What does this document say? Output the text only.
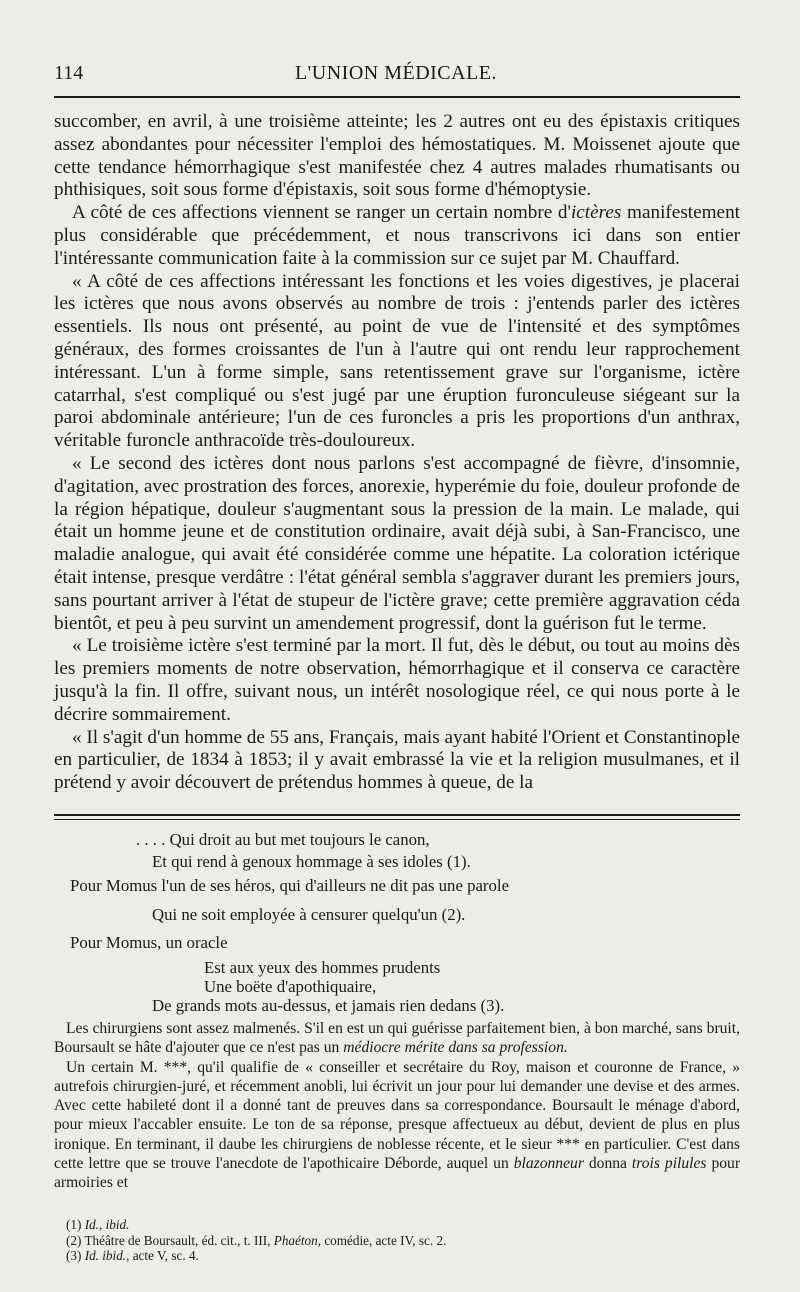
114	L'UNION MÉDICALE.

succomber, en avril, à une troisième atteinte; les 2 autres ont eu des épistaxis critiques assez abondantes pour nécessiter l'emploi des hémostatiques. M. Moissenet ajoute que cette tendance hémorrhagique s'est manifestée chez 4 autres malades rhumatisants ou phthisiques, soit sous forme d'épistaxis, soit sous forme d'hémoptysie.

A côté de ces affections viennent se ranger un certain nombre d'ictères manifestement plus considérable que précédemment, et nous transcrivons ici dans son entier l'intéressante communication faite à la commission sur ce sujet par M. Chauffard.

« A côté de ces affections intéressant les fonctions et les voies digestives, je placerai les ictères que nous avons observés au nombre de trois : j'entends parler des ictères essentiels. Ils nous ont présenté, au point de vue de l'intensité et des symptômes généraux, des formes croissantes de l'un à l'autre qui ont rendu leur rapprochement intéressant. L'un à forme simple, sans retentissement grave sur l'organisme, ictère catarrhal, s'est compliqué ou s'est jugé par une éruption furonculeuse siégeant sur la paroi abdominale antérieure; l'un de ces furoncles a pris les proportions d'un anthrax, véritable furoncle anthracoïde très-douloureux.

« Le second des ictères dont nous parlons s'est accompagné de fièvre, d'insomnie, d'agitation, avec prostration des forces, anorexie, hyperémie du foie, douleur profonde de la région hépatique, douleur s'augmentant sous la pression de la main. Le malade, qui était un homme jeune et de constitution ordinaire, avait déjà subi, à San-Francisco, une maladie analogue, qui avait été considérée comme une hépatite. La coloration ictérique était intense, presque verdâtre : l'état général sembla s'aggraver durant les premiers jours, sans pourtant arriver à l'état de stupeur de l'ictère grave; cette première aggravation céda bientôt, et peu à peu survint un amendement progressif, dont la guérison fut le terme.

« Le troisième ictère s'est terminé par la mort. Il fut, dès le début, ou tout au moins dès les premiers moments de notre observation, hémorrhagique et il conserva ce caractère jusqu'à la fin. Il offre, suivant nous, un intérêt nosologique réel, ce qui nous porte à le décrire sommairement.

« Il s'agit d'un homme de 55 ans, Français, mais ayant habité l'Orient et Constantinople en particulier, de 1834 à 1853; il y avait embrassé la vie et la religion musulmanes, et il prétend y avoir découvert de prétendus hommes à queue, de la

. . . . Qui droit au but met toujours le canon,
Et qui rend à genoux hommage à ses idoles (1).
Pour Momus l'un de ses héros, qui d'ailleurs ne dit pas une parole
Qui ne soit employée à censurer quelqu'un (2).
Pour Momus, un oracle
Est aux yeux des hommes prudents
Une boëte d'apothiquaire,
De grands mots au-dessus, et jamais rien dedans (3).

Les chirurgiens sont assez malmenés. S'il en est un qui guérisse parfaitement bien, à bon marché, sans bruit, Boursault se hâte d'ajouter que ce n'est pas un médiocre mérite dans sa profession.

Un certain M. ***, qu'il qualifie de « conseiller et secrétaire du Roy, maison et couronne de France, » autrefois chirurgien-juré, et récemment anobli, lui écrivit un jour pour lui demander une devise et des armes. Avec cette habileté dont il a donné tant de preuves dans sa correspondance. Boursault le ménage d'abord, pour mieux l'accabler ensuite. Le ton de sa réponse, presque affectueux au début, devient de plus en plus ironique. En terminant, il daube les chirurgiens de noblesse récente, et le sieur *** en particulier. C'est dans cette lettre que se trouve l'anecdote de l'apothicaire Déborde, auquel un blazonneur donna trois pilules pour armoiries et

(1) Id., ibid.
(2) Théâtre de Boursault, éd. cit., t. III, Phaéton, comédie, acte IV, sc. 2.
(3) Id. ibid., acte V, sc. 4.
